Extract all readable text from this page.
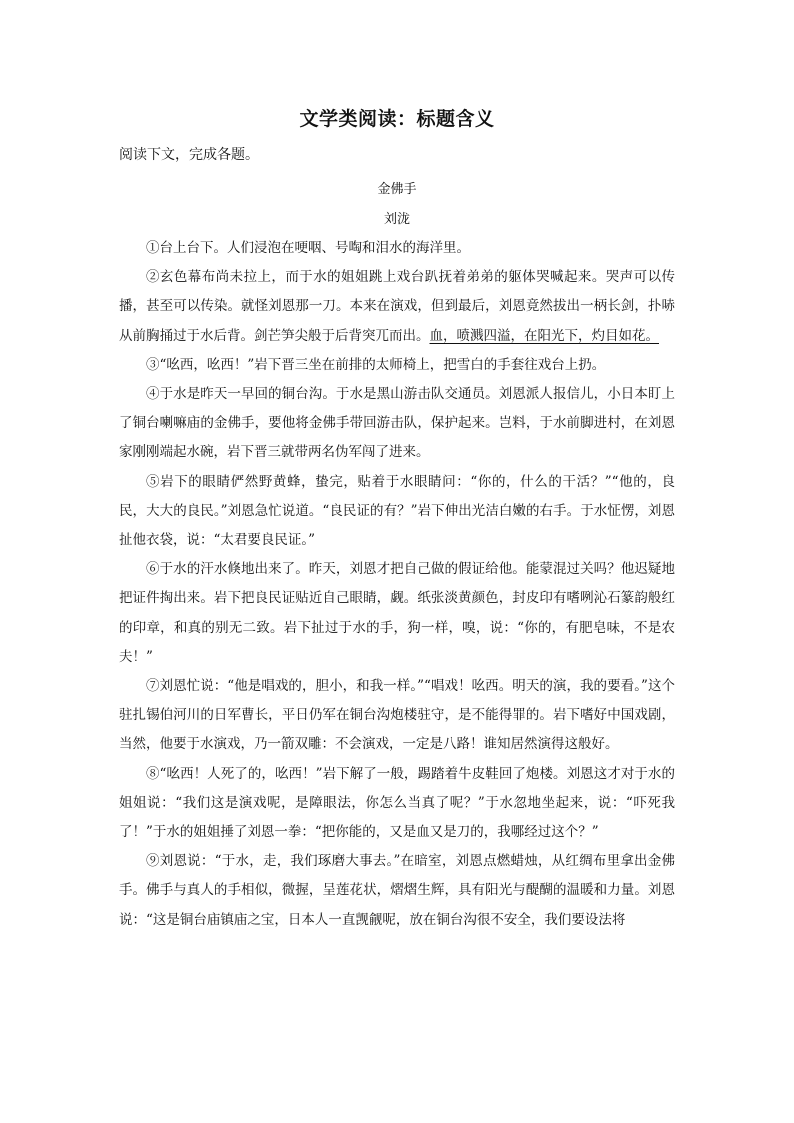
文学类阅读：标题含义
阅读下文，完成各题。
金佛手
刘泷

①台上台下。人们浸泡在哽咽、号啕和泪水的海洋里。

②玄色幕布尚未拉上，而于水的姐姐跳上戏台趴抚着弟弟的躯体哭喊起来。哭声可以传播，甚至可以传染。就怪刘恩那一刀。本来在演戏，但到最后，刘恩竟然拔出一柄长剑，扑哧从前胸捅过于水后背。剑芒笋尖般于后背突兀而出。血，喷溅四溢，在阳光下，灼目如花。

③“吆西，吆西！”岩下晋三坐在前排的太师椅上，把雪白的手套往戏台上扔。

④于水是昨天一早回的铜台沟。于水是黑山游击队交通员。刘恩派人报信儿，小日本盯上了铜台喇嘛庙的金佛手，要他将金佛手带回游击队，保护起来。岂料，于水前脚进村，在刘恩家刚刚端起水碗，岩下晋三就带两名伪军闯了进来。

⑤岩下的眼睛俨然野黄蜂，蛰完，贴着于水眼睛问：“你的，什么的干活？”“他的，良民，大大的良民。”刘恩急忙说道。“良民证的有？”岩下伸出光洁白嫩的右手。于水怔愣，刘恩扯他衣袋，说：“太君要良民证。”

⑥于水的汗水倏地出来了。昨天，刘恩才把自己做的假证给他。能蒙混过关吗？他迟疑地把证件掏出来。岩下把良民证贴近自己眼睛，觑。纸张淡黄颜色，封皮印有嗜咧沁石篆韵般红的印章，和真的别无二致。岩下扯过于水的手，狗一样，嗅，说：“你的，有肥皂味，不是农夫！”

⑦刘恩忙说：“他是唱戏的，胆小，和我一样。”“唱戏！吆西。明天的演，我的要看。”这个驻扎锡伯河川的日军曹长，平日仍军在铜台沟炮楼驻守，是不能得罪的。岩下嗜好中国戏剧，当然，他要于水演戏，乃一箭双雕：不会演戏，一定是八路！谁知居然演得这般好。

⑧“吆西！人死了的，吆西！”岩下解了一般，踢踏着牛皮鞋回了炮楼。刘恩这才对于水的姐姐说：“我们这是演戏呢，是障眼法，你怎么当真了呢？”于水忽地坐起来，说：“吓死我了！”于水的姐姐捶了刘恩一拳：“把你能的，又是血又是刀的，我哪经过这个？”

⑨刘恩说：“于水，走，我们琢磨大事去。”在暗室，刘恩点燃蜡烛，从红绸布里拿出金佛手。佛手与真人的手相似，微握，呈莲花状，熠熠生辉，具有阳光与醍醐的温暖和力量。刘恩说：“这是铜台庙镇庙之宝，日本人一直觊觎呢，放在铜台沟很不安全，我们要设法将
